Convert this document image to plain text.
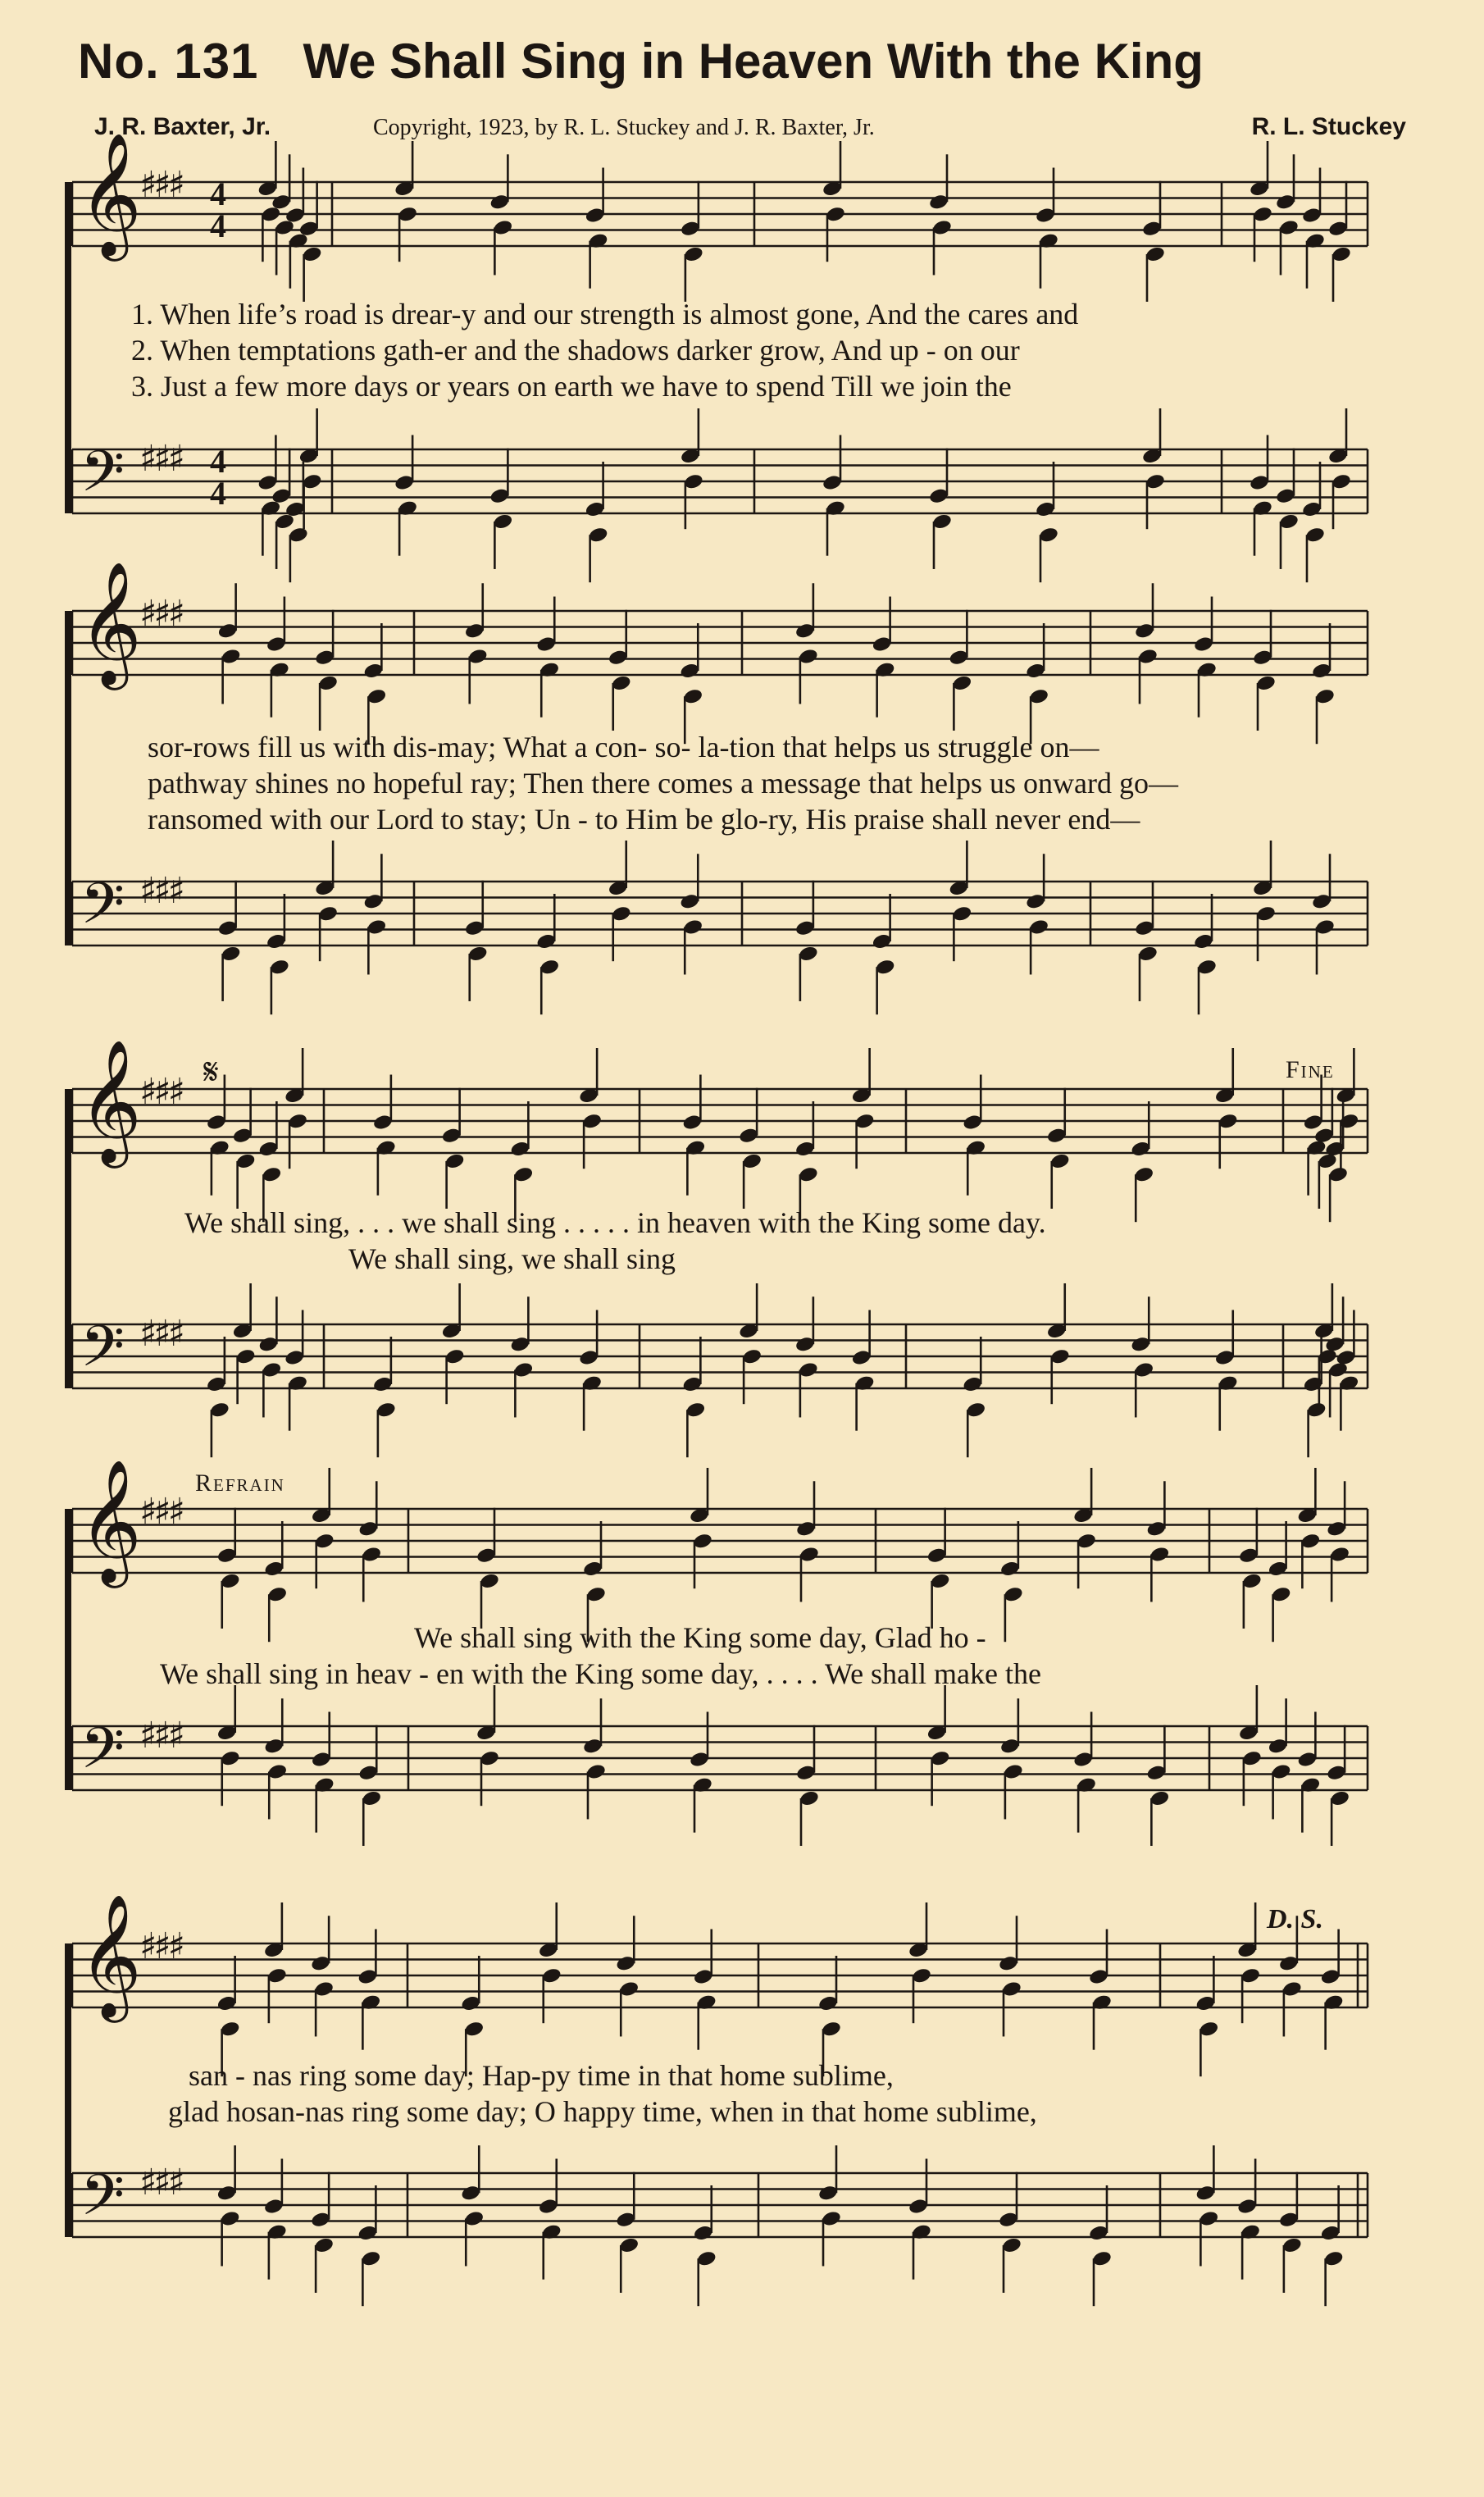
No. 131 We Shall Sing in Heaven With the King
J. R. Baxter, Jr.	Copyright, 1923, by R. L. Stuckey and J. R. Baxter, Jr.	R. L. Stuckey
1. When life’s road is drear-y and our strength is almost gone, And the cares and
2. When temptations gath-er and the shadows darker grow, And up - on our
3. Just a few more days or years on earth we have to spend Till we join the
sor-rows fill us with dis-may; What a con- so- la-tion that helps us struggle on—
pathway shines no hopeful ray; Then there comes a message that helps us onward go—
ransomed with our Lord to stay; Un - to Him be glo-ry, His praise shall never end—
We shall sing, . . . we shall sing . . . . . in heaven with the King some day.
We shall sing, we shall sing
Fine
Refrain
We shall sing with the King some day, Glad ho -
We shall sing in heav - en with the King some day, . . . . We shall make the
D. S.
san - nas ring some day; Hap-py time in that home sublime,
glad hosan-nas ring some day; O happy time, when in that home sublime,
𝄞
♯♯♯ 4
4
𝄢 ♯♯♯ 4
4
𝄞
♯♯♯
𝄢 ♯♯♯
𝄞
♯♯♯
𝄢 ♯♯♯
𝄞
♯♯♯
𝄢 ♯♯♯
𝄞
♯♯♯
𝄢 ♯♯♯
𝄋
